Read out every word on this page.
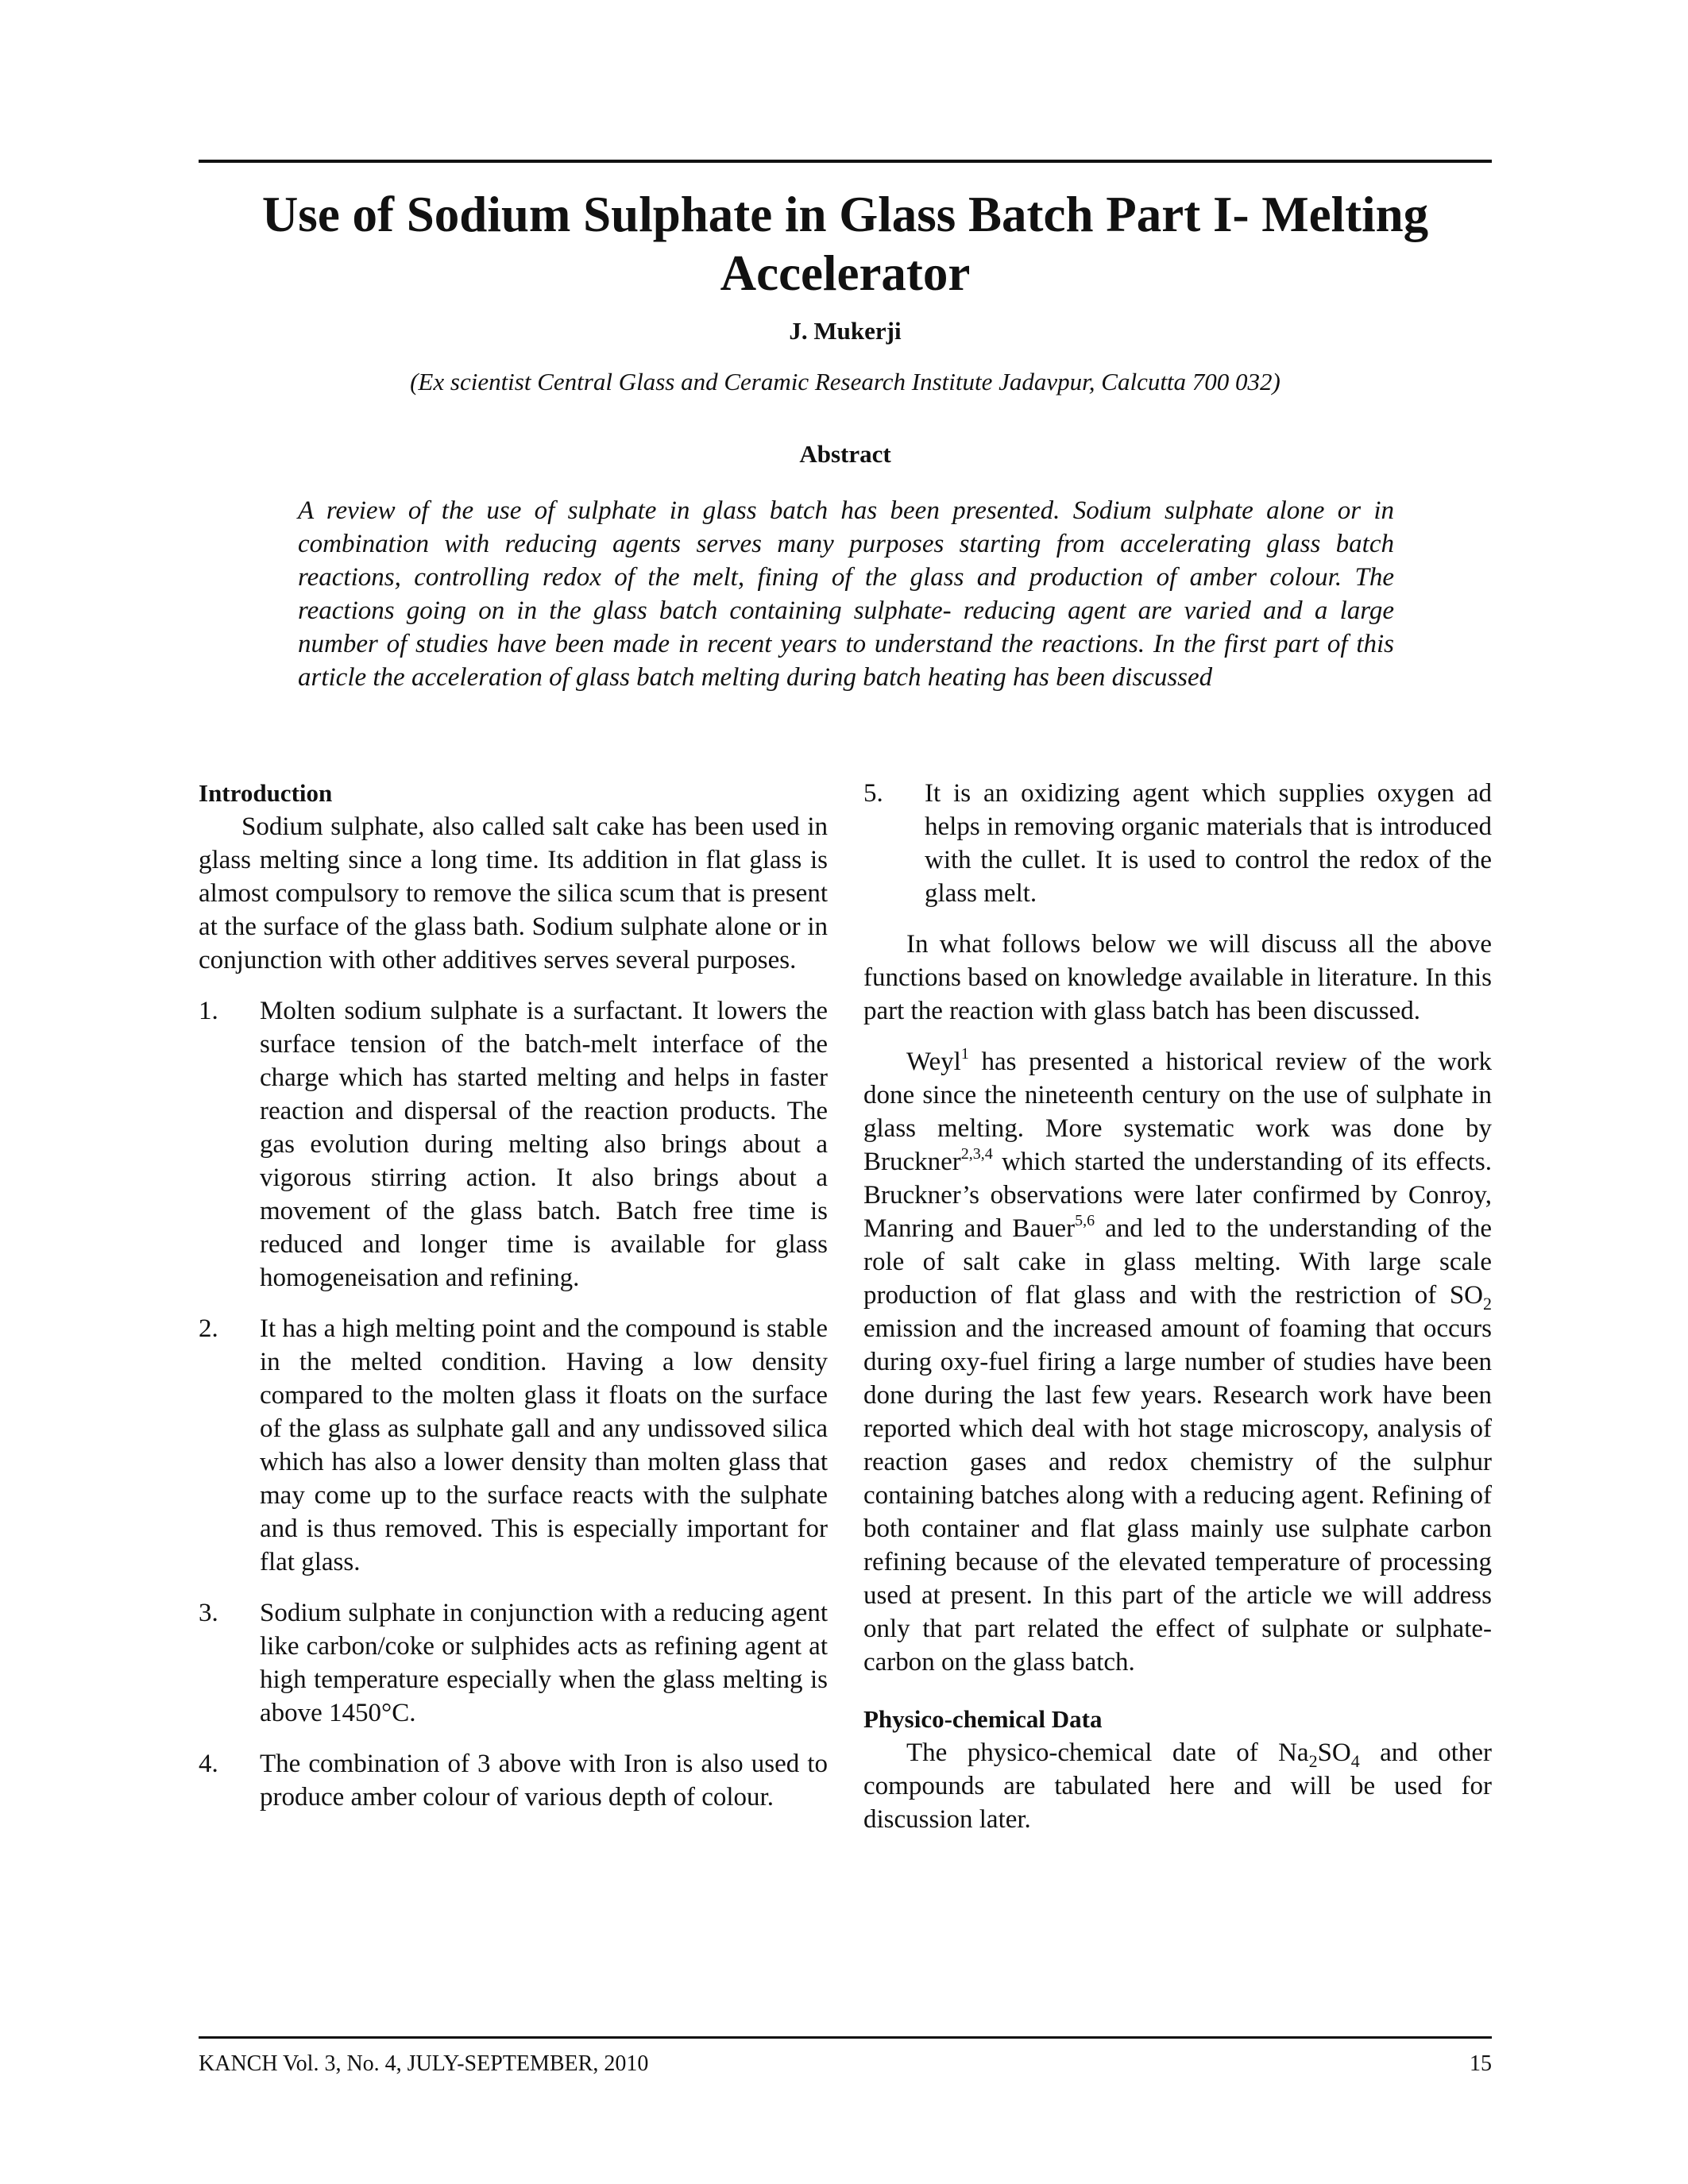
Use of Sodium Sulphate in Glass Batch Part I- Melting Accelerator
J. Mukerji
(Ex scientist Central Glass and Ceramic Research Institute Jadavpur, Calcutta 700 032)
Abstract

A review of the use of sulphate in glass batch has been presented. Sodium sulphate alone or in combination with reducing agents serves many purposes starting from accelerating glass batch reactions, controlling redox of the melt, fining of the glass and production of amber colour. The reactions going on in the glass batch containing sulphate- reducing agent are varied and a large number of studies have been made in recent years to understand the reactions. In the first part of this article the acceleration of glass batch melting during batch heating has been discussed

Introduction

Sodium sulphate, also called salt cake has been used in glass melting since a long time. Its addition in flat glass is almost compulsory to remove the silica scum that is present at the surface of the glass bath. Sodium sulphate alone or in conjunction with other additives serves several purposes.

1. Molten sodium sulphate is a surfactant. It lowers the surface tension of the batch-melt interface of the charge which has started melting and helps in faster reaction and dispersal of the reaction products. The gas evolution during melting also brings about a vigorous stirring action. It also brings about a movement of the glass batch. Batch free time is reduced and longer time is available for glass homogeneisation and refining.
2. It has a high melting point and the compound is stable in the melted condition. Having a low density compared to the molten glass it floats on the surface of the glass as sulphate gall and any undissoved silica which has also a lower density than molten glass that may come up to the surface reacts with the sulphate and is thus removed. This is especially important for flat glass.
3. Sodium sulphate in conjunction with a reducing agent like carbon/coke or sulphides acts as refining agent at high temperature especially when the glass melting is above 1450°C.
4. The combination of 3 above with Iron is also used to produce amber colour of various depth of colour.
5. It is an oxidizing agent which supplies oxygen ad helps in removing organic materials that is introduced with the cullet. It is used to control the redox of the glass melt.

In what follows below we will discuss all the above functions based on knowledge available in literature. In this part the reaction with glass batch has been discussed.

Weyl$^1$ has presented a historical review of the work done since the nineteenth century on the use of sulphate in glass melting. More systematic work was done by Bruckner$^{2,3,4}$ which started the understanding of its effects. Bruckner’s observations were later confirmed by Conroy, Manring and Bauer$^{5,6}$ and led to the understanding of the role of salt cake in glass melting. With large scale production of flat glass and with the restriction of $SO_2$ emission and the increased amount of foaming that occurs during oxy-fuel firing a large number of studies have been done during the last few years. Research work have been reported which deal with hot stage microscopy, analysis of reaction gases and redox chemistry of the sulphur containing batches along with a reducing agent. Refining of both container and flat glass mainly use sulphate carbon refining because of the elevated temperature of processing used at present. In this part of the article we will address only that part related the effect of sulphate or sulphate-carbon on the glass batch.

Physico-chemical Data

The physico-chemical date of $Na_2SO_4$ and other compounds are tabulated here and will be used for discussion later.

KANCH Vol. 3, No. 4, JULY-SEPTEMBER, 2010	15
